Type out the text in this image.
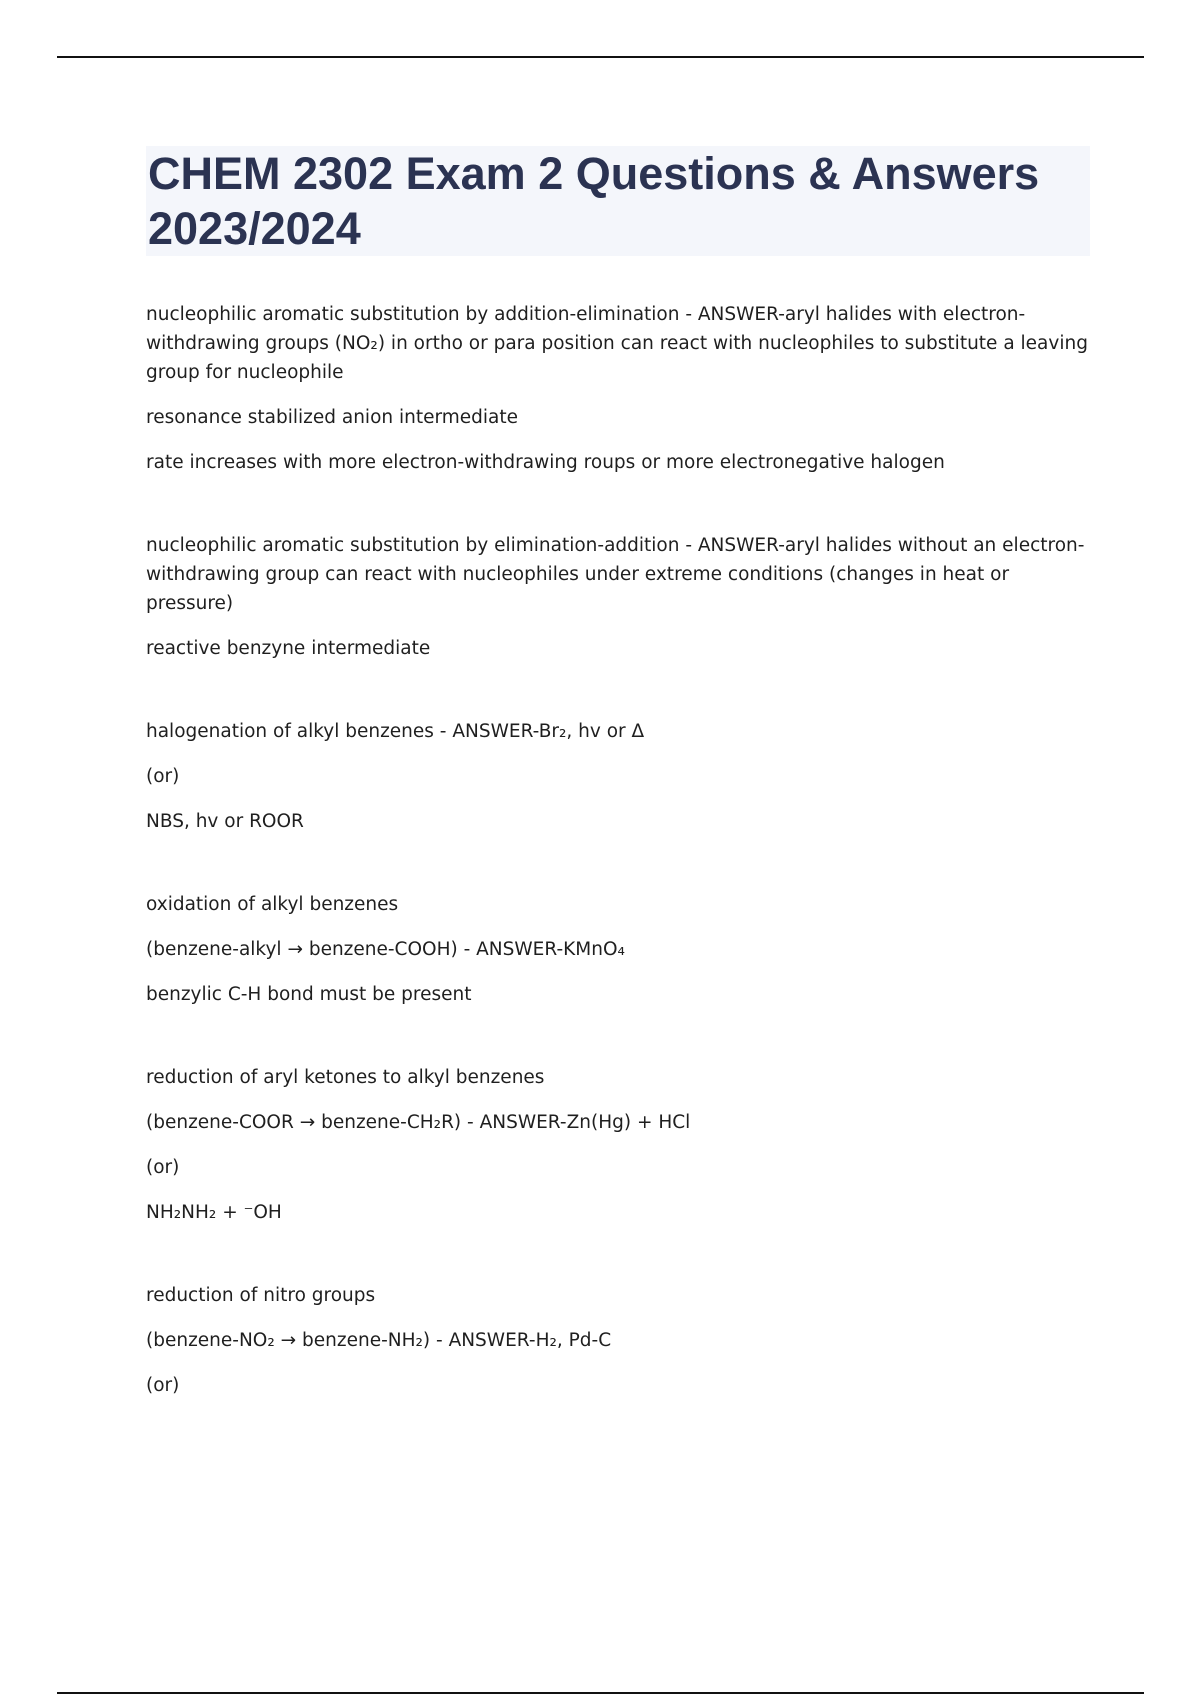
CHEM 2302 Exam 2 Questions & Answers 2023/2024

nucleophilic aromatic substitution by addition-elimination - ANSWER-aryl halides with electron-withdrawing groups (NO₂) in ortho or para position can react with nucleophiles to substitute a leaving group for nucleophile

resonance stabilized anion intermediate

rate increases with more electron-withdrawing roups or more electronegative halogen

nucleophilic aromatic substitution by elimination-addition - ANSWER-aryl halides without an electron-withdrawing group can react with nucleophiles under extreme conditions (changes in heat or pressure)

reactive benzyne intermediate

halogenation of alkyl benzenes - ANSWER-Br₂, hv or Δ

(or)

NBS, hv or ROOR

oxidation of alkyl benzenes

(benzene-alkyl → benzene-COOH) - ANSWER-KMnO₄

benzylic C-H bond must be present

reduction of aryl ketones to alkyl benzenes

(benzene-COOR → benzene-CH₂R) - ANSWER-Zn(Hg) + HCl

(or)

NH₂NH₂ + ⁻OH

reduction of nitro groups

(benzene-NO₂ → benzene-NH₂) - ANSWER-H₂, Pd-C

(or)
